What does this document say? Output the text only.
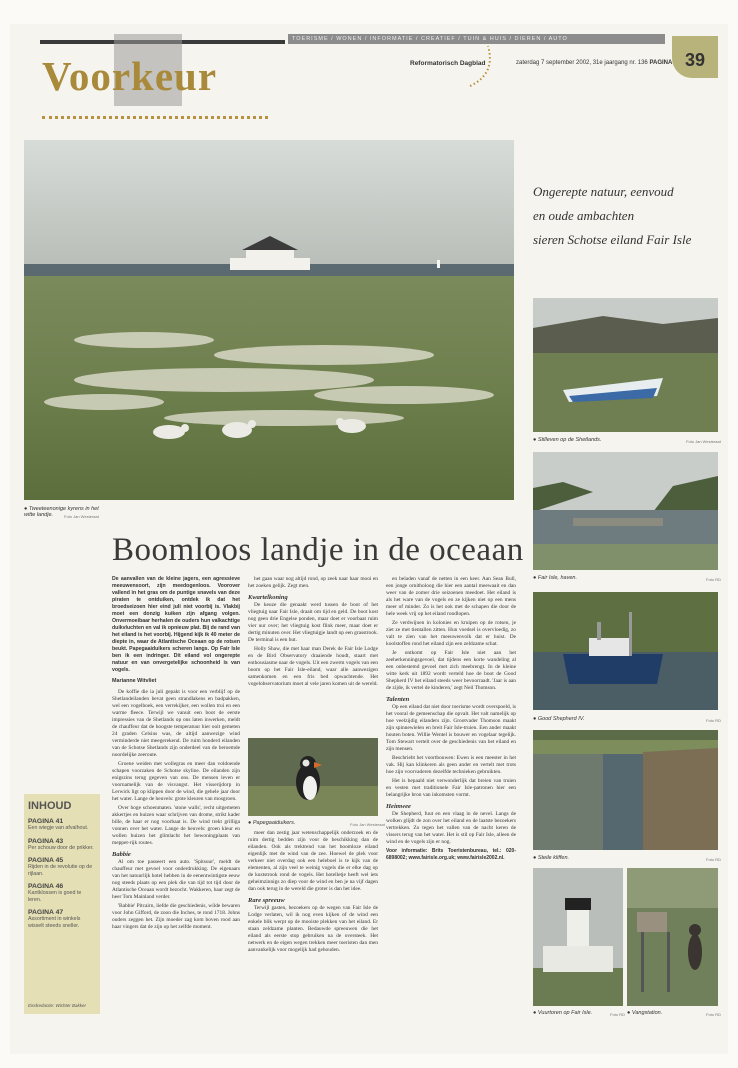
Voorkeur
TOERISME / WONEN / INFORMATIE / CREATIEF / TUIN & HUIS / DIEREN / AUTO
Reformatorisch Dagblad	zaterdag 7 september 2002, 31e jaargang nr. 136 PAGINA 39
● Tweeteenonige kyrens in het witte landje.	Foto Jan Westeraat
Ongerepte natuur, eenvoud
en oude ambachten
sieren Schotse eiland Fair Isle
Boomloos landje in de oceaan

De aanvallen van de kleine jagers, een agressieve meeuwensoort, zijn meedogenloos. Voorover vallend in het gras om de puntige snavels van deze piraten te ontduiken, ontdek ik dat het broedseizoen hier eind juli niet voorbij is. Vlakbij moet een donzig kuiken zijn afgang volgen. Onvermoeibaar herhalen de ouders hun valkachtige duikvluchten en val ik opnieuw plat. Bij de rand van het eiland is het voorbij. Hijgend kijk ik 40 meter de diepte in, waar de Atlantische Oceaan op de rotsen beukt. Papegaaiduikers scheren langs. Op Fair Isle ben ik een indringer. Dit eiland vol ongerepte natuur en van onvergetelijke schoonheid is van vogels.

Marianne Witvliet

De koffie die ia juli gepakt is voor een verblijf op de Shetlandeilanden bevat geen strandlakens en badpakken, wel een vogelboek, een verrekijker, een wollen trui en een warme fleece. Terwijl we vanuit een boot de eerste impressies van de Shetlands op ons laten inwerken, meldt de chauffeur dat de hoogste temperatuur hier ooit gemeten 24 graden Celsius was, de altijd aanwezige wind verminderde niet meegerekend. De ruim honderd eilanden van de Schotse Shetlands zijn onderdeel van de beroemde noordelijke zeeroute.

Groene weiden met wollegras en meer dan voldoende schapen voorzaken de Schotse skyline. De eilanden zijn enigszins terug gegeven van ons. De mensen leven er voornamelijk van de visvangst. Het visserijdorp in Lerwick ligt op klippen door de wind, die gehele jaar door het water. Lange de heuvels: grote kleuren van mosgroen.

Over hoge schoenmaten. 'stone walls', recht uitgemeten akkertjes en huizen waar schrijven van drome, strikt kader bille, de haar er nog voorbaat is. De wind trekt grilliga vonnen over het water. Lange de heuvels: groen kleur en wollen huizen het glimlacht het bewoningplaats van meppet-rijk routes.

Babbie

Al om toe passeert een auto. 'Spitsuur', meldt de chauffeur met gevoel voor onderdrukking. De eigenaars van het natuurlijk hotel hebben in de eenentwintigste eeuw nog steeds plaats op een plek die van tijd tot tijd door de Atlantische Oceaan wordt bezocht. Wakkeren, haar zegt de heer Tom Mainland verder.

'Babbie' Pitcairn, liefde die geschiedenis, wilde bewaren voor John Gifford, de zoon die Inches, te rond 1718. Johns ouders zeggen het. Zijn moeder zag kom boven rood aan haar vingers dat de zijn op het zelfde moment.

het gaan waar nog altijd rond, op zeek naar haar mooi en het zoeken gelijk. Zegt men.

Kwartelkoning

De keuze die genaakt werd tussen de boot of het vliegtuig naar Fair Isle, draait om tijd en geld. De boot kost nog geen drie Engelse ponden, maar doet er voorbaat ruim vier uur over; het vliegtuig kost flink meer, maar doet er dertig minuten over. Het vliegtuigje landt op een grasstrook. De terminal is een hut.

Holly Shaw, die met haar man Derek de Fair Isle Lodge en de Bird Observatory draaiende houdt, staart met enthousiasme naar de vogels. Uit een zwerm vogels van een boom op het Fair Isle-eiland, waar alle aanwezigen samenkomen en een fris bed opwachtende. Het vogelobservatorium moet al vele jaren komen uit de wereld.

● Papegaaiduikers.	Foto Jan Westeraat

meer dan zestig jaar wetenschappelijk onderzoek en de ruim dertig bedden zijn voor de beschikking dan de eilanden. Ook als trektrend van het boomloze eiland eigenlijk met de wind van de zee. Hoewel de plek voor verkeer niet overdag ook een heleboel is te kijk van de elementen, al zijn veel te weinig vogels die er elke dag op de kuststrook rond de vogels. Het hotelletje heeft wel iets geheimzinnigs zo diep voor de wind en ben je na vijf dagen dan ook terug in de wereld die groter is dan het idee.

Rare spreeuw

Terwijl gasten, bezoekers op de wegen van Fair Isle de Lodge verlaten, wil ik nog even kijken of de wind een enkele blik werpt op de mooiste plekken van het eiland. Er staan zeldzame planten. Bedauwde spreeuwen die het eiland als eerste stop gebruiken na de oversteek. Het netwerk en de eigen wegen trekken meer toeristen dan men aanvankelijk voor mogelijk had gehouden.

en beladen vanaf de netten in een keer. Aan Sean Bull, een jonge ornitholoog die hier een aantal meewaait en dan weer van de zomer drie seizoenen meedoet. Het eiland is als het ware van de vogels en ze kijken niet op een mens meer of minder. Zo is het ook met de schapen die door de hele week vrij op het eiland rondlopen.

Ze verdwijnen in kolonies en kruipen op de rotsen, je ziet ze met tientallen zitten. Hun voedsel is overvloedig, zo valt te zien van het meeuwenvolk dat er huist. De koolstoffen rond het eiland zijn een zeldzame schat.

Je ontkomt op Fair Isle niet aan het zeeherkenningsgevoel, dat tijdens een korte wandeling al een onbestemd gevoel met zich meebrengt. In de kleine witte kerk uit 1892 wordt verteld hoe de boot de Good Shepherd IV het eiland steeds weer bevoorraadt. 'Jaar is aan de zijde, ik vertel de kinderen,' zegt Neil Thomson.

Talenten

Op een eiland dat niet door toerisme wordt overspoeld, is het vooral de gemeenschap die opvalt. Het valt namelijk op hoe veelzijdig eilanders zijn. Grootvader Thomson maakt zijn spinnewielen en breit Fair Isle-truien. Een ander maakt houten boten. Willie Wentel is bouwer en vogelaar tegelijk. Tom Stewart vertelt over de geschiedenis van het eiland en zijn mensen.

Beschriebt het voortbouwen: Ewen is een meester in het vak. Hij kan klinkeren als geen ander en vertelt met trots hoe zijn voorvaderen dezelfde technieken gebruikten.

Het is bepaald niet verwonderlijk dat breien van truien en vesten met traditionele Fair Isle-patronen hier een belangrijke bron van inkomsten vormt.

Heimwee

De Shepherd, fuut en een vlaag in de nevel. Langs de wolken glijdt de zon over het eiland en de laatste bezoekers vertrekken. Zo tegen het vallen van de nacht keren de vissers terug van het water. Het is stil op Fair Isle, alleen de wind en de vogels zijn er nog.

Voor informatie: Brits Toeristenbureau, tel.: 020-6898002; www.fairisle.org.uk; www.fairisle2002.nl.

INHOUD
PAGINA 41
Een wiegje van afvalhout.
PAGINA 43
Per schouw door de prikker.
PAGINA 45
Rijden in de revolutie op de rijlaan.
PAGINA 46
Kantklossen is goed te leren.
PAGINA 47
Assortiment in winkels wisselt steeds sneller.
Eindredactie: Wichter Bakker
● Stilleven op de Shetlands.	Foto Jan Westeraat
● Fair Isle, haven.	Foto RD
● Good Shepherd IV.	Foto RD
● Steile kliffen.	Foto RD
● Vuurtoren op Fair Isle.	Foto RD ● Vangstation.	Foto RD
